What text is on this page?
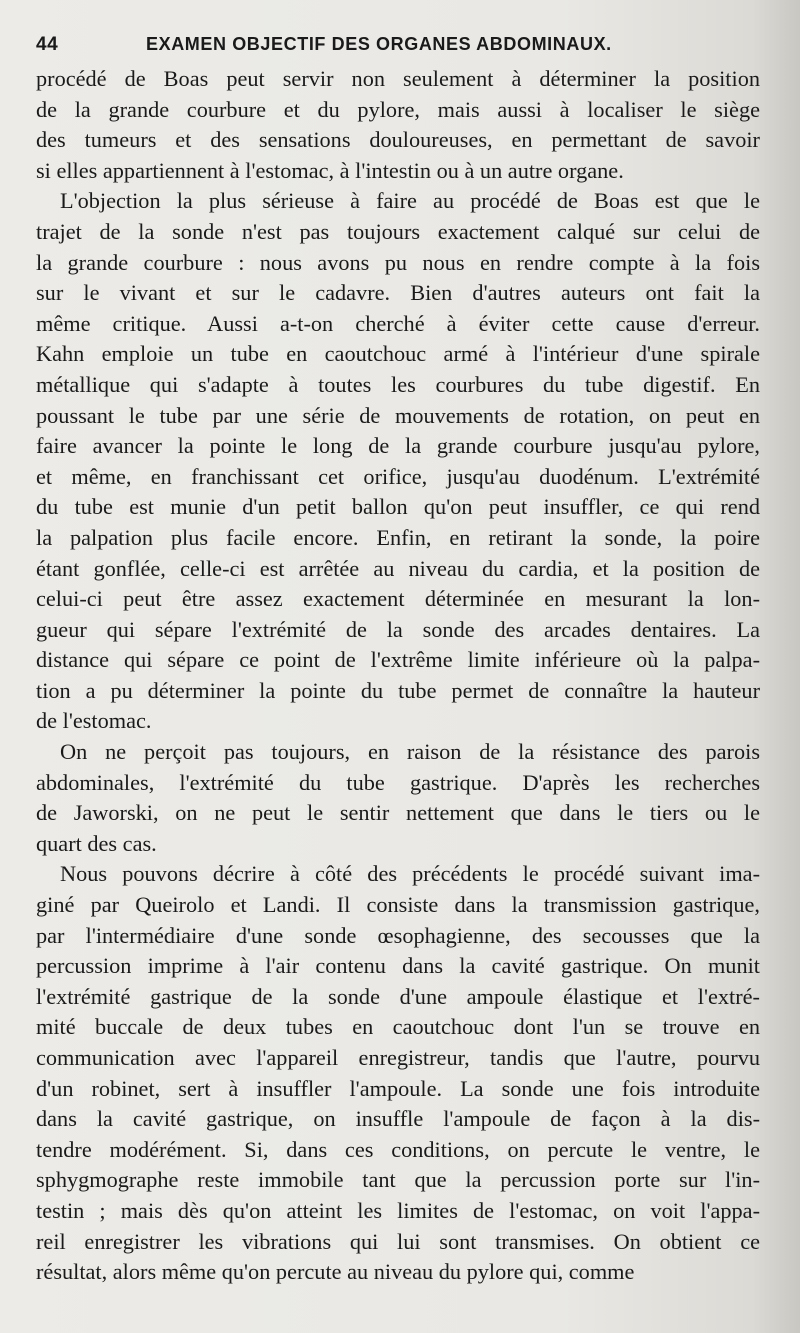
44	EXAMEN OBJECTIF DES ORGANES ABDOMINAUX.
procédé de Boas peut servir non seulement à déterminer la position
de la grande courbure et du pylore, mais aussi à localiser le siège
des tumeurs et des sensations douloureuses, en permettant de savoir
si elles appartiennent à l'estomac, à l'intestin ou à un autre organe.
L'objection la plus sérieuse à faire au procédé de Boas est que le
trajet de la sonde n'est pas toujours exactement calqué sur celui de
la grande courbure : nous avons pu nous en rendre compte à la fois
sur le vivant et sur le cadavre. Bien d'autres auteurs ont fait la
même critique. Aussi a-t-on cherché à éviter cette cause d'erreur.
Kahn emploie un tube en caoutchouc armé à l'intérieur d'une spirale
métallique qui s'adapte à toutes les courbures du tube digestif. En
poussant le tube par une série de mouvements de rotation, on peut en
faire avancer la pointe le long de la grande courbure jusqu'au pylore,
et même, en franchissant cet orifice, jusqu'au duodénum. L'extrémité
du tube est munie d'un petit ballon qu'on peut insuffler, ce qui rend
la palpation plus facile encore. Enfin, en retirant la sonde, la poire
étant gonflée, celle-ci est arrêtée au niveau du cardia, et la position de
celui-ci peut être assez exactement déterminée en mesurant la lon-
gueur qui sépare l'extrémité de la sonde des arcades dentaires. La
distance qui sépare ce point de l'extrême limite inférieure où la palpa-
tion a pu déterminer la pointe du tube permet de connaître la hauteur
de l'estomac.
On ne perçoit pas toujours, en raison de la résistance des parois
abdominales, l'extrémité du tube gastrique. D'après les recherches
de Jaworski, on ne peut le sentir nettement que dans le tiers ou le
quart des cas.
Nous pouvons décrire à côté des précédents le procédé suivant ima-
giné par Queirolo et Landi. Il consiste dans la transmission gastrique,
par l'intermédiaire d'une sonde œsophagienne, des secousses que la
percussion imprime à l'air contenu dans la cavité gastrique. On munit
l'extrémité gastrique de la sonde d'une ampoule élastique et l'extré-
mité buccale de deux tubes en caoutchouc dont l'un se trouve en
communication avec l'appareil enregistreur, tandis que l'autre, pourvu
d'un robinet, sert à insuffler l'ampoule. La sonde une fois introduite
dans la cavité gastrique, on insuffle l'ampoule de façon à la dis-
tendre modérément. Si, dans ces conditions, on percute le ventre, le
sphygmographe reste immobile tant que la percussion porte sur l'in-
testin ; mais dès qu'on atteint les limites de l'estomac, on voit l'appa-
reil enregistrer les vibrations qui lui sont transmises. On obtient ce
résultat, alors même qu'on percute au niveau du pylore qui, comme
